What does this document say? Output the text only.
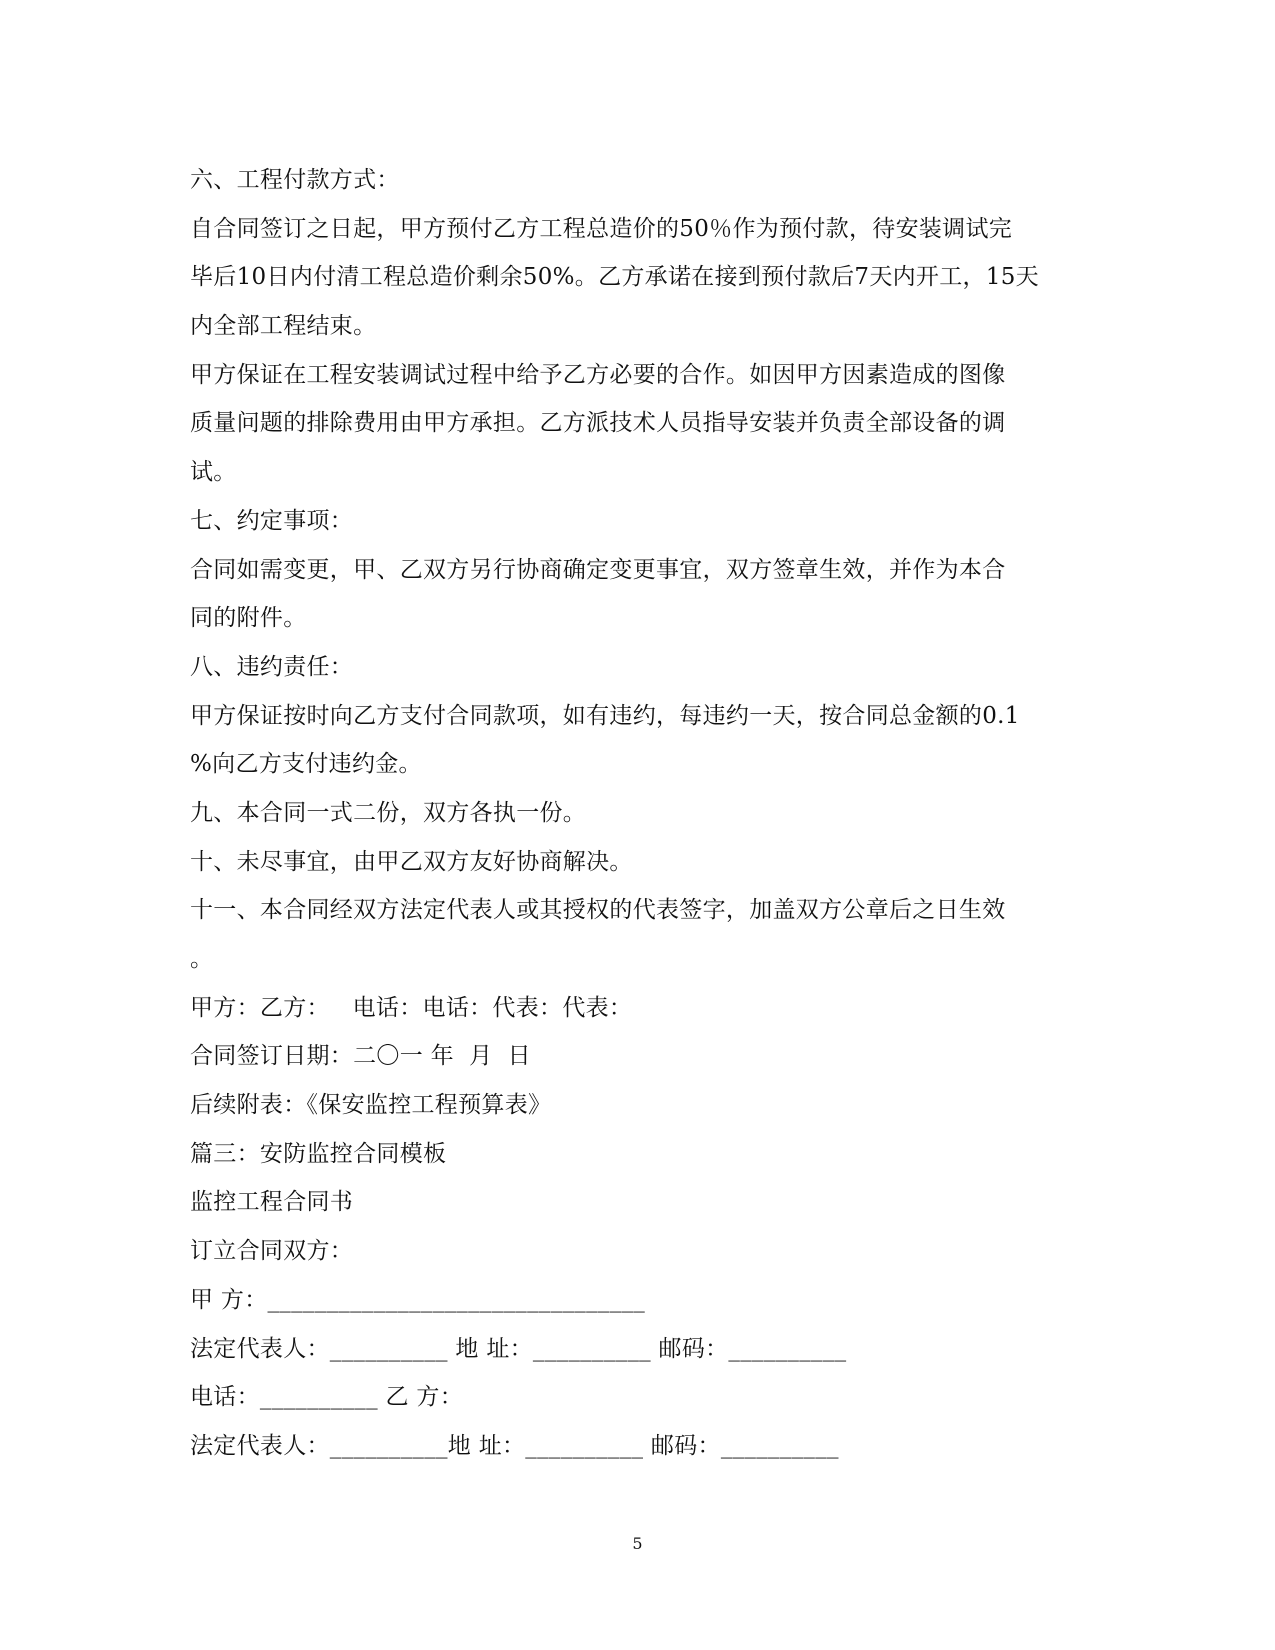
六、工程付款方式：
自合同签订之日起，甲方预付乙方工程总造价的50％作为预付款，待安装调试完
毕后10日内付清工程总造价剩余50%。乙方承诺在接到预付款后7天内开工，15天
内全部工程结束。
甲方保证在工程安装调试过程中给予乙方必要的合作。如因甲方因素造成的图像
质量问题的排除费用由甲方承担。乙方派技术人员指导安装并负责全部设备的调
试。
七、约定事项：
合同如需变更，甲、乙双方另行协商确定变更事宜，双方签章生效，并作为本合
同的附件。
八、违约责任：
甲方保证按时向乙方支付合同款项，如有违约，每违约一天，按合同总金额的0.1
%向乙方支付违约金。
九、本合同一式二份，双方各执一份。
十、未尽事宜，由甲乙双方友好协商解决。
十一、本合同经双方法定代表人或其授权的代表签字，加盖双方公章后之日生效
。
甲方：乙方：   电话：电话：代表：代表：
合同签订日期：二〇一 年  月  日
后续附表：《保安监控工程预算表》
篇三：安防监控合同模板
监控工程合同书
订立合同双方：
甲 方：________________________________
法定代表人：__________ 地 址：__________ 邮码：__________
电话：__________ 乙 方：
法定代表人：__________地 址：__________ 邮码：__________
5
